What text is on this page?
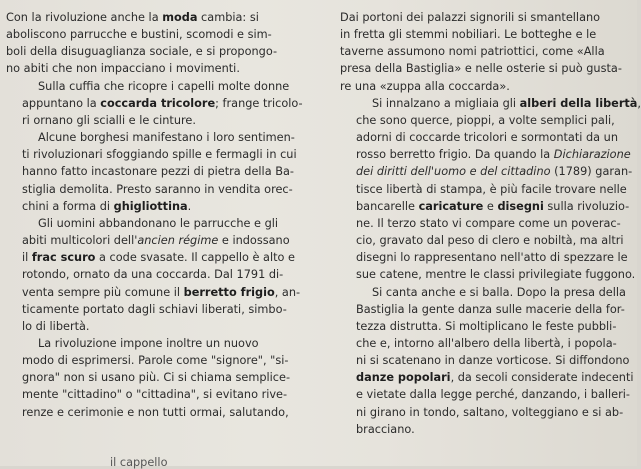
Con la rivoluzione anche la moda cambia: si
aboliscono parrucche e bustini, scomodi e sim-
boli della disuguaglianza sociale, e si propongo-
no abiti che non impacciano i movimenti.

Sulla cuffia che ricopre i capelli molte donne
appuntano la coccarda tricolore; frange tricolo-
ri ornano gli scialli e le cinture.

Alcune borghesi manifestano i loro sentimen-
ti rivoluzionari sfoggiando spille e fermagli in cui
hanno fatto incastonare pezzi di pietra della Ba-
stiglia demolita. Presto saranno in vendita orec-
chini a forma di ghigliottina.

Gli uomini abbandonano le parrucche e gli
abiti multicolori dell'ancien régime e indossano
il frac scuro a code svasate. Il cappello è alto e
rotondo, ornato da una coccarda. Dal 1791 di-
venta sempre più comune il berretto frigio, an-
ticamente portato dagli schiavi liberati, simbo-
lo di libertà.

La rivoluzione impone inoltre un nuovo
modo di esprimersi. Parole come "signore", "si-
gnora" non si usano più. Ci si chiama semplice-
mente "cittadino" o "cittadina", si evitano rive-
renze e cerimonie e non tutti ormai, salutando,

Dai portoni dei palazzi signorili si smantellano
in fretta gli stemmi nobiliari. Le botteghe e le
taverne assumono nomi patriottici, come «Alla
presa della Bastiglia» e nelle osterie si può gusta-
re una «zuppa alla coccarda».

Si innalzano a migliaia gli alberi della libertà,
che sono querce, pioppi, a volte semplici pali,
adorni di coccarde tricolori e sormontati da un
rosso berretto frigio. Da quando la Dichiarazione
dei diritti dell'uomo e del cittadino (1789) garan-
tisce libertà di stampa, è più facile trovare nelle
bancarelle caricature e disegni sulla rivoluzio-
ne. Il terzo stato vi compare come un poverac-
cio, gravato dal peso di clero e nobiltà, ma altri
disegni lo rappresentano nell'atto di spezzare le
sue catene, mentre le classi privilegiate fuggono.

Si canta anche e si balla. Dopo la presa della
Bastiglia la gente danza sulle macerie della for-
tezza distrutta. Si moltiplicano le feste pubbli-
che e, intorno all'albero della libertà, i popola-
ni si scatenano in danze vorticose. Si diffondono
danze popolari, da secoli considerate indecenti
e vietate dalla legge perché, danzando, i balleri-
ni girano in tondo, saltano, volteggiano e si ab-
bracciano.

il cappello
